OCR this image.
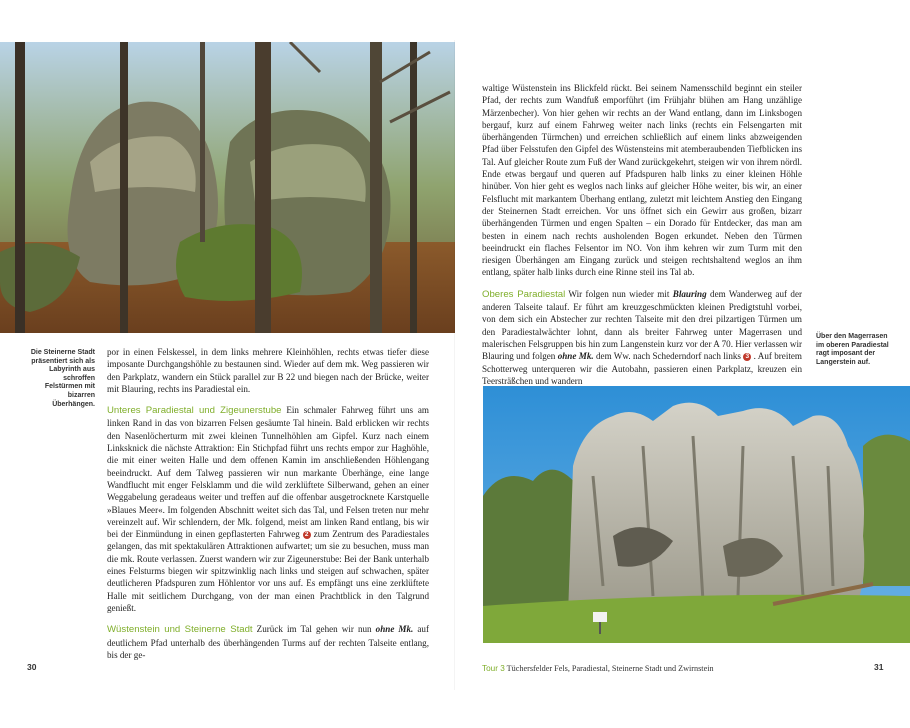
Die Steinerne Stadt präsentiert sich als Labyrinth aus schroffen Felstürmen mit bizarren Überhängen.

por in einen Felskessel, in dem links mehrere Kleinhöhlen, rechts etwas tiefer diese imposante Durchgangshöhle zu bestaunen sind. Wieder auf dem mk. Weg passieren wir den Parkplatz, wandern ein Stück parallel zur B 22 und biegen nach der Brücke, weiter mit Blauring, rechts ins Paradiestal ein.

Unteres Paradiestal und Zigeunerstube Ein schmaler Fahrweg führt uns am linken Rand in das von bizarren Felsen gesäumte Tal hinein. Bald erblicken wir rechts den Nasenlöcherturm mit zwei kleinen Tunnelhöhlen am Gipfel. Kurz nach einem Linksknick die nächste Attraktion: Ein Stichpfad führt uns rechts empor zur Haghöhle, die mit einer weiten Halle und dem offenen Kamin im anschließenden Höhlengang beeindruckt. Auf dem Talweg passieren wir nun markante Überhänge, eine lange Wandflucht mit enger Felsklamm und die wild zerklüftete Silberwand, gehen an einer Weggabelung geradeaus weiter und treffen auf die offenbar ausgetrocknete Karstquelle »Blaues Meer«. Im folgenden Abschnitt weitet sich das Tal, und Felsen treten nur mehr vereinzelt auf. Wir schlendern, der Mk. folgend, meist am linken Rand entlang, bis wir bei der Einmündung in einen gepflasterten Fahrweg 2 zum Zentrum des Paradiestales gelangen, das mit spektakulären Attraktionen aufwartet; um sie zu besuchen, muss man die mk. Route verlassen. Zuerst wandern wir zur Zigeunerstube: Bei der Bank unterhalb eines Felsturms biegen wir spitzwinklig nach links und steigen auf schwachen, später deutlicheren Pfadspuren zum Höhlentor vor uns auf. Es empfängt uns eine zerklüftete Halle mit seitlichem Durchgang, von der man einen Prachtblick in den Talgrund genießt.

Wüstenstein und Steinerne Stadt Zurück im Tal gehen wir nun ohne Mk. auf deutlichem Pfad unterhalb des überhängenden Turms auf der rechten Talseite entlang, bis der ge-

30

waltige Wüstenstein ins Blickfeld rückt. Bei seinem Namensschild beginnt ein steiler Pfad, der rechts zum Wandfuß emporführt (im Frühjahr blühen am Hang unzählige Märzenbecher). Von hier gehen wir rechts an der Wand entlang, dann im Linksbogen bergauf, kurz auf einem Fahrweg weiter nach links (rechts ein Felsengarten mit überhängenden Türmchen) und erreichen schließlich auf einem links abzweigenden Pfad über Felsstufen den Gipfel des Wüstensteins mit atemberaubenden Tiefblicken ins Tal. Auf gleicher Route zum Fuß der Wand zurückgekehrt, steigen wir von ihrem nördl. Ende etwas bergauf und queren auf Pfadspuren halb links zu einer kleinen Höhle hinüber. Von hier geht es weglos nach links auf gleicher Höhe weiter, bis wir, an einer Felsflucht mit markantem Überhang entlang, zuletzt mit leichtem Anstieg den Eingang der Steinernen Stadt erreichen. Vor uns öffnet sich ein Gewirr aus großen, bizarr überhängenden Türmen und engen Spalten – ein Dorado für Entdecker, das man am besten in einem nach rechts ausholenden Bogen erkundet. Neben den Türmen beeindruckt ein flaches Felsentor im NO. Von ihm kehren wir zum Turm mit den riesigen Überhängen am Eingang zurück und steigen rechtshaltend weglos an ihm entlang, später halb links durch eine Rinne steil ins Tal ab.

Oberes Paradiestal Wir folgen nun wieder mit Blauring dem Wanderweg auf der anderen Talseite talauf. Er führt am kreuzgeschmückten kleinen Predigtstuhl vorbei, von dem sich ein Abstecher zur rechten Talseite mit den drei pilzartigen Türmen um den Paradiestalwächter lohnt, dann als breiter Fahrweg unter Magerrasen und malerischen Felsgruppen bis hin zum Langenstein kurz vor der A 70. Hier verlassen wir Blauring und folgen ohne Mk. dem Ww. nach Schederndorf nach links 3 . Auf breitem Schotterweg unterqueren wir die Autobahn, passieren einen Parkplatz, kreuzen ein Teersträßchen und wandern

Über den Magerrasen im oberen Paradiestal ragt imposant der Langerstein auf.
Tour 3 Tüchersfelder Fels, Paradiestal, Steinerne Stadt und Zwirnstein	31
